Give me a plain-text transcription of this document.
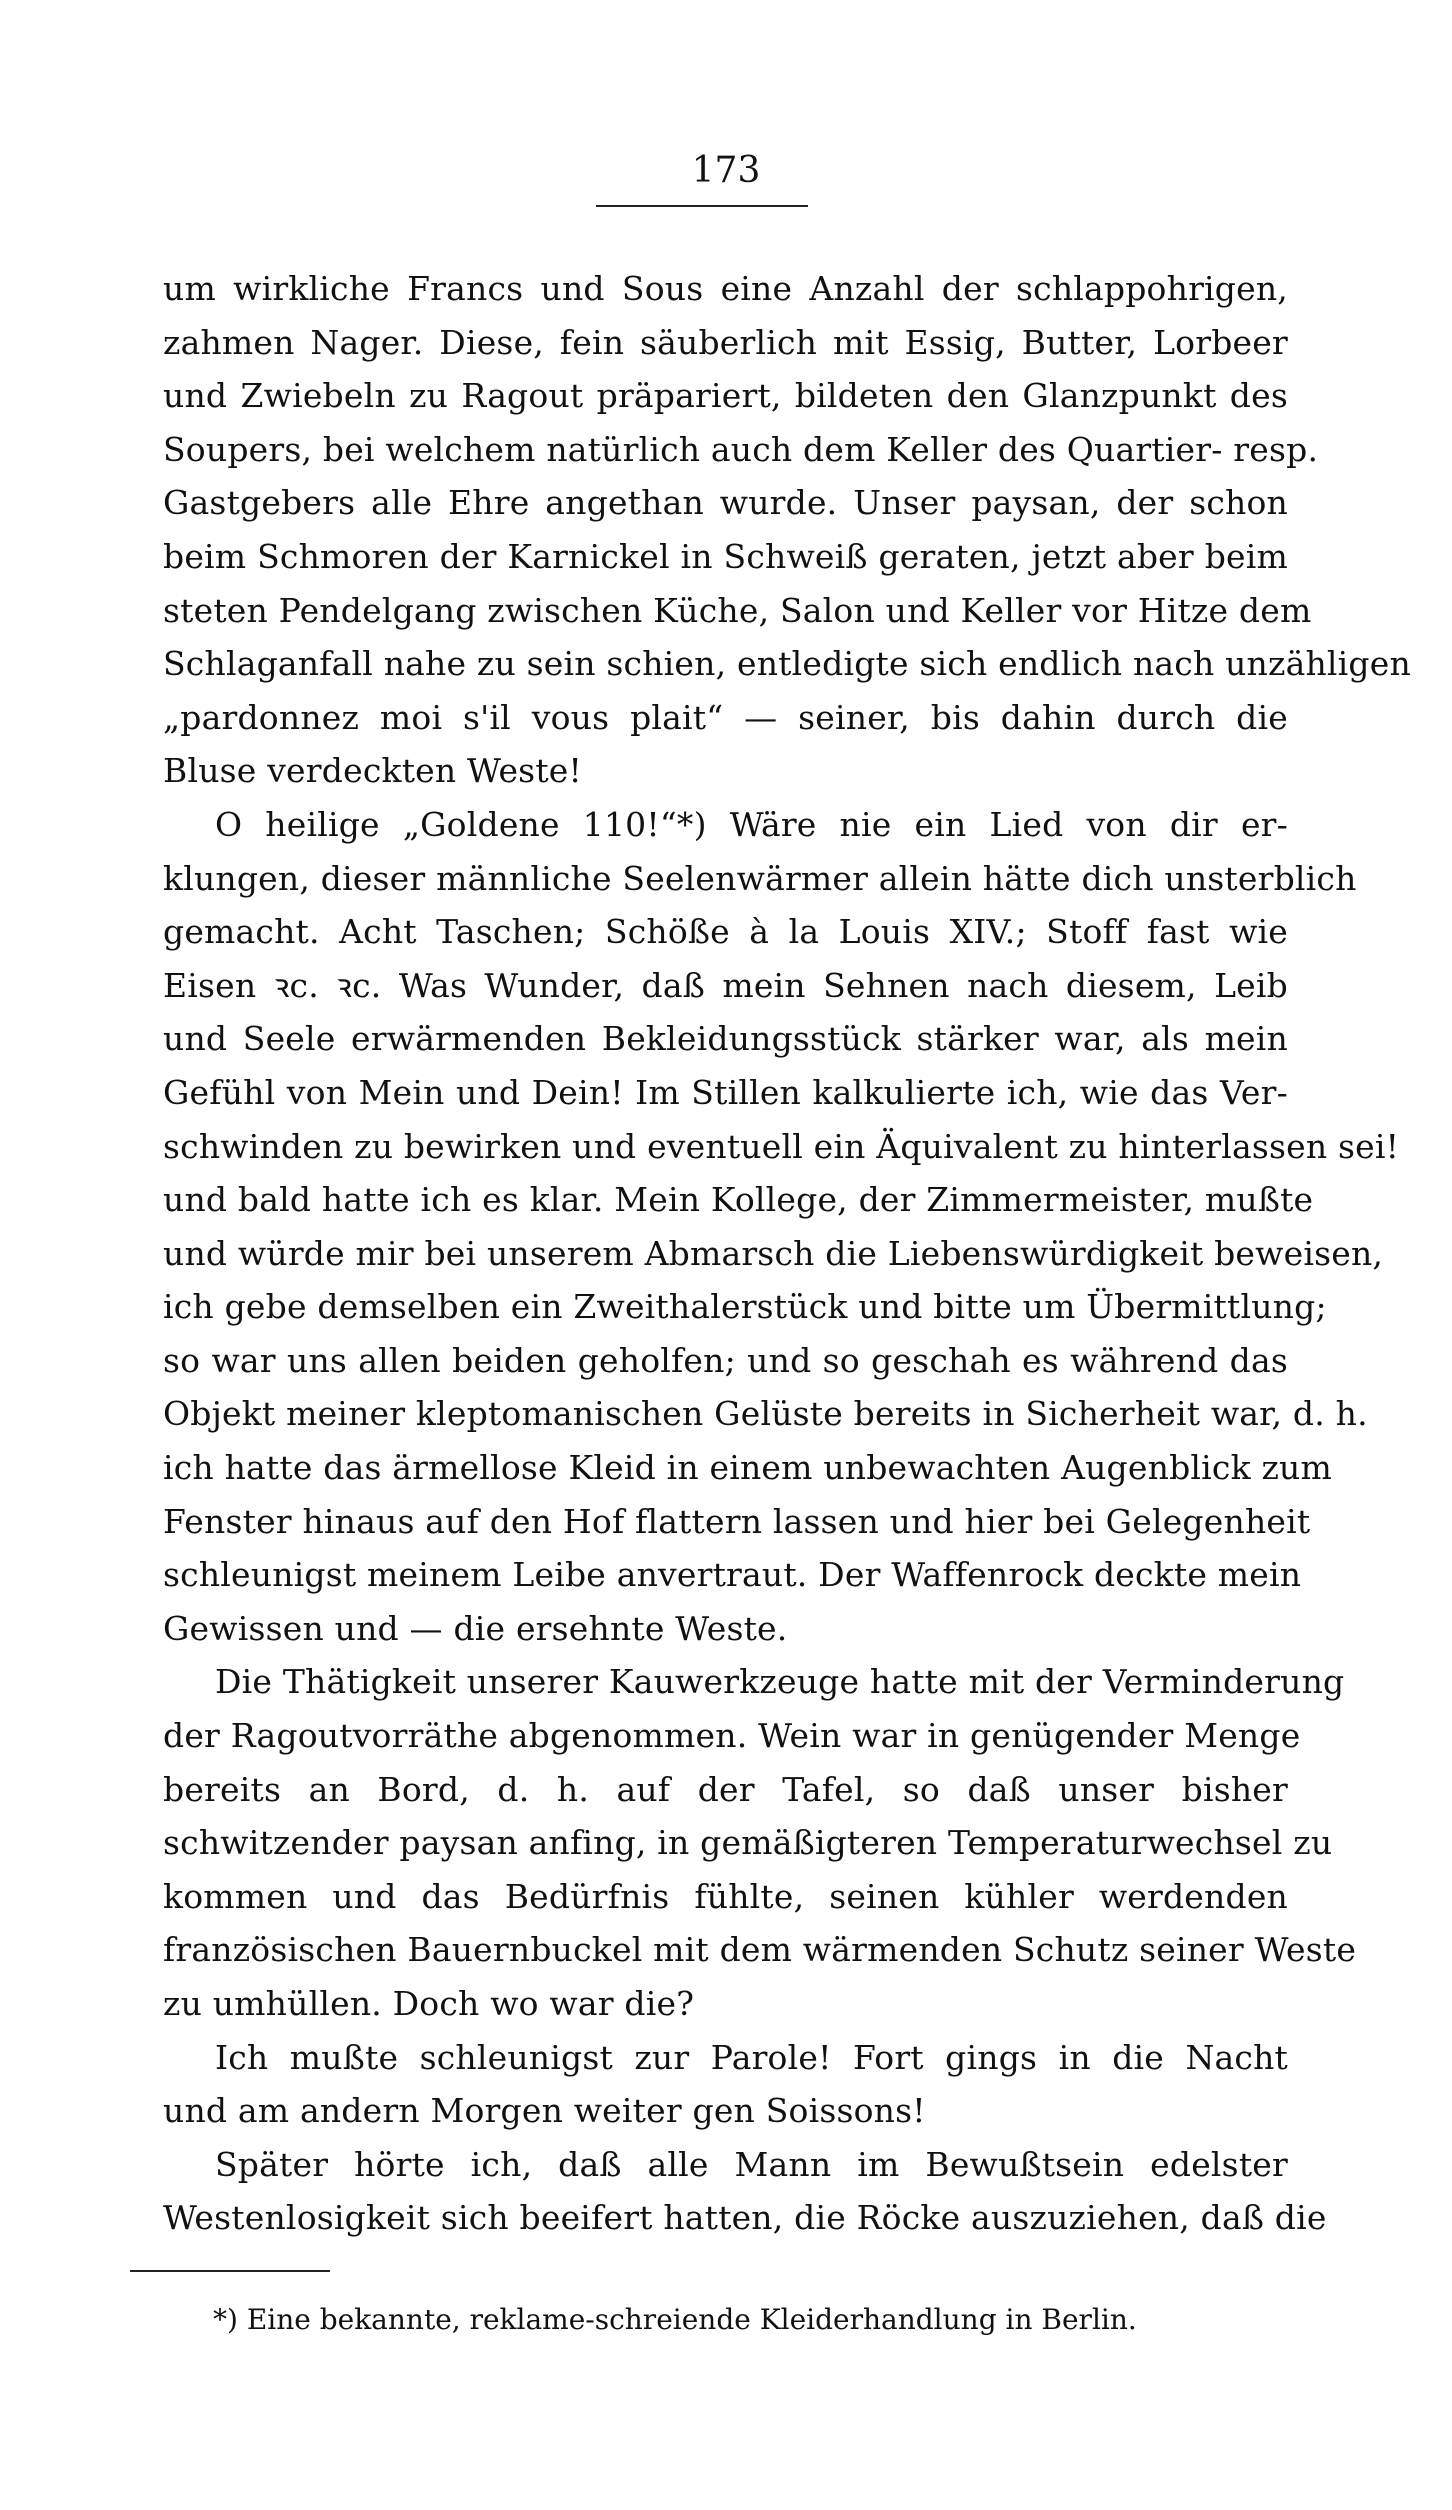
173
um wirkliche Francs und Sous eine Anzahl der schlappohrigen,
zahmen Nager. Diese, fein säuberlich mit Essig, Butter, Lorbeer
und Zwiebeln zu Ragout präpariert, bildeten den Glanzpunkt des
Soupers, bei welchem natürlich auch dem Keller des Quartier- resp.
Gastgebers alle Ehre angethan wurde. Unser paysan, der schon
beim Schmoren der Karnickel in Schweiß geraten, jetzt aber beim
steten Pendelgang zwischen Küche, Salon und Keller vor Hitze dem
Schlaganfall nahe zu sein schien, entledigte sich endlich nach unzähligen
„pardonnez moi s'il vous plait“ — seiner, bis dahin durch die
Bluse verdeckten Weste!
O heilige „Goldene 110!“*) Wäre nie ein Lied von dir er-
klungen, dieser männliche Seelenwärmer allein hätte dich unsterblich
gemacht. Acht Taschen; Schöße à la Louis XIV.; Stoff fast wie
Eisen ꝛc. ꝛc. Was Wunder, daß mein Sehnen nach diesem, Leib
und Seele erwärmenden Bekleidungsstück stärker war, als mein
Gefühl von Mein und Dein! Im Stillen kalkulierte ich, wie das Ver-
schwinden zu bewirken und eventuell ein Äquivalent zu hinterlassen sei!
und bald hatte ich es klar. Mein Kollege, der Zimmermeister, mußte
und würde mir bei unserem Abmarsch die Liebenswürdigkeit beweisen,
ich gebe demselben ein Zweithalerstück und bitte um Übermittlung;
so war uns allen beiden geholfen; und so geschah es während das
Objekt meiner kleptomanischen Gelüste bereits in Sicherheit war, d. h.
ich hatte das ärmellose Kleid in einem unbewachten Augenblick zum
Fenster hinaus auf den Hof flattern lassen und hier bei Gelegenheit
schleunigst meinem Leibe anvertraut. Der Waffenrock deckte mein
Gewissen und — die ersehnte Weste.
Die Thätigkeit unserer Kauwerkzeuge hatte mit der Verminderung
der Ragoutvorräthe abgenommen. Wein war in genügender Menge
bereits an Bord, d. h. auf der Tafel, so daß unser bisher
schwitzender paysan anfing, in gemäßigteren Temperaturwechsel zu
kommen und das Bedürfnis fühlte, seinen kühler werdenden
französischen Bauernbuckel mit dem wärmenden Schutz seiner Weste
zu umhüllen. Doch wo war die?
Ich mußte schleunigst zur Parole! Fort gings in die Nacht
und am andern Morgen weiter gen Soissons!
Später hörte ich, daß alle Mann im Bewußtsein edelster
Westenlosigkeit sich beeifert hatten, die Röcke auszuziehen, daß die
*) Eine bekannte, reklame-schreiende Kleiderhandlung in Berlin.
